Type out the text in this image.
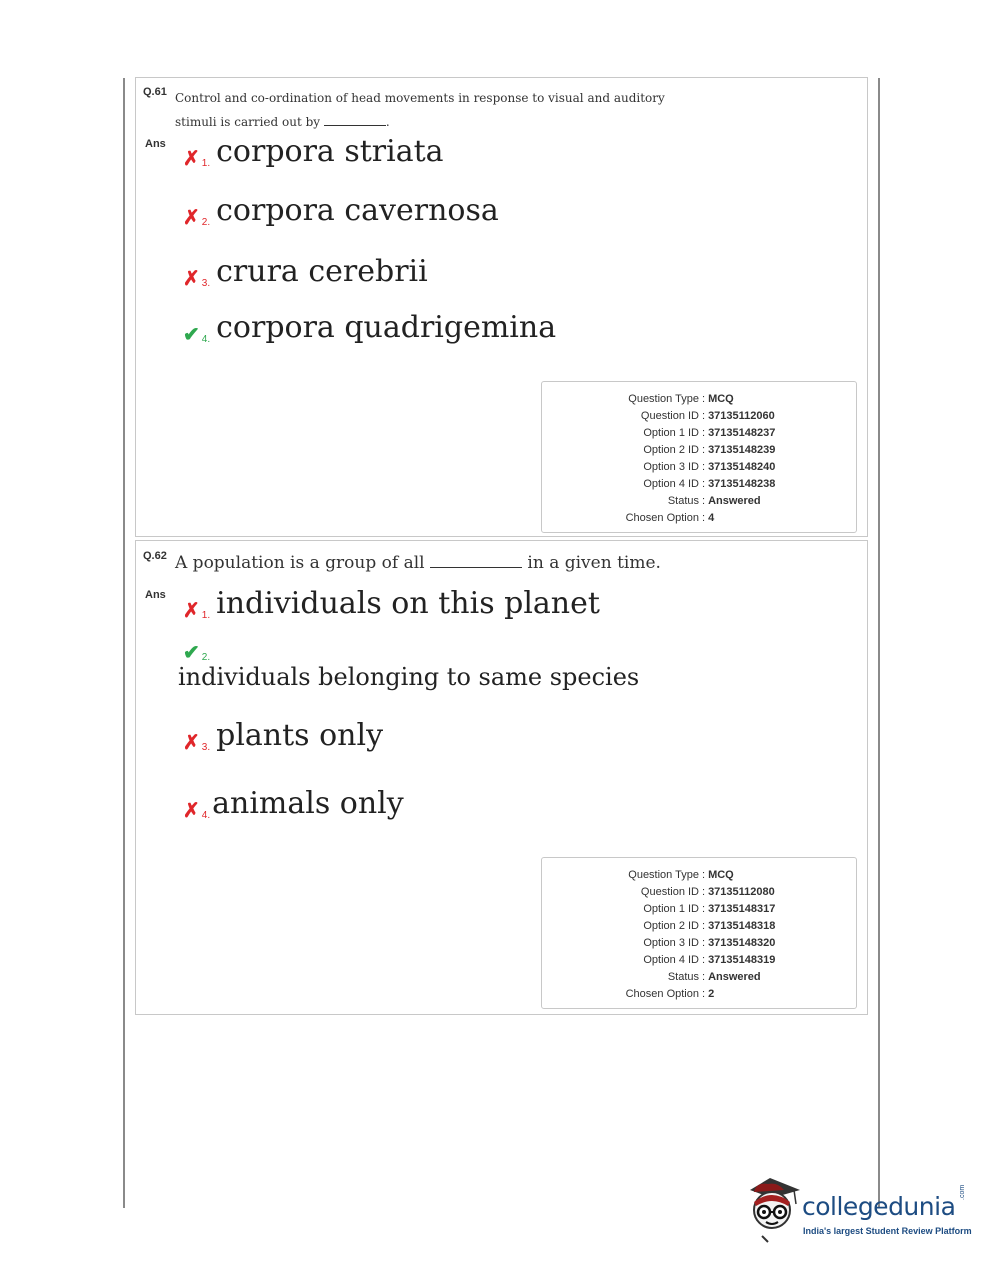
Q.61 Control and co-ordination of head movements in response to visual and auditory
stimuli is carried out by	.
Ans
✗ 1. corpora striata
✗ 2. corpora cavernosa
✗ 3. crura cerebrii
✔ 4. corpora quadrigemina
Question Type : MCQ
Question ID : 37135112060
Option 1 ID : 37135148237
Option 2 ID : 37135148239
Option 3 ID : 37135148240
Option 4 ID : 37135148238
Status : Answered
Chosen Option : 4
Q.62 A population is a group of all	in a given time.
Ans
✗ 1. individuals on this planet
✔ 2.
individuals belonging to same species
✗ 3. plants only
✗ 4. animals only
Question Type : MCQ
Question ID : 37135112080
Option 1 ID : 37135148317
Option 2 ID : 37135148318
Option 3 ID : 37135148320
Option 4 ID : 37135148319
Status : Answered
Chosen Option : 2
collegedunia .com
India's largest Student Review Platform
